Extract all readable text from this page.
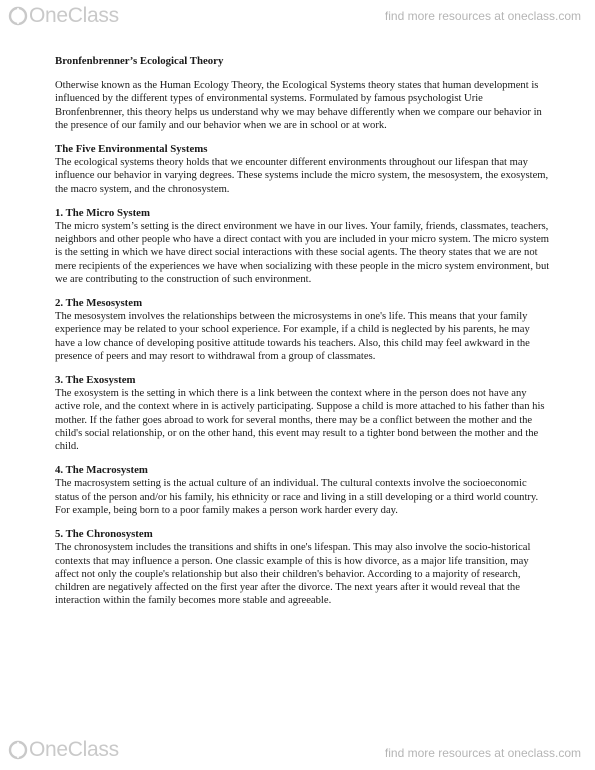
OneClass	find more resources at oneclass.com

Bronfenbrenner’s Ecological Theory

Otherwise known as the Human Ecology Theory, the Ecological Systems theory states that human development is influenced by the different types of environmental systems. Formulated by famous psychologist Urie Bronfenbrenner, this theory helps us understand why we may behave differently when we compare our behavior in the presence of our family and our behavior when we are in school or at work.

The Five Environmental Systems

The ecological systems theory holds that we encounter different environments throughout our lifespan that may influence our behavior in varying degrees. These systems include the micro system, the mesosystem, the exosystem, the macro system, and the chronosystem.

1. The Micro System

The micro system’s setting is the direct environment we have in our lives. Your family, friends, classmates, teachers, neighbors and other people who have a direct contact with you are included in your micro system. The micro system is the setting in which we have direct social interactions with these social agents. The theory states that we are not mere recipients of the experiences we have when socializing with these people in the micro system environment, but we are contributing to the construction of such environment.

2. The Mesosystem

The mesosystem involves the relationships between the microsystems in one's life. This means that your family experience may be related to your school experience. For example, if a child is neglected by his parents, he may have a low chance of developing positive attitude towards his teachers. Also, this child may feel awkward in the presence of peers and may resort to withdrawal from a group of classmates.

3. The Exosystem

The exosystem is the setting in which there is a link between the context where in the person does not have any active role, and the context where in is actively participating. Suppose a child is more attached to his father than his mother. If the father goes abroad to work for several months, there may be a conflict between the mother and the child's social relationship, or on the other hand, this event may result to a tighter bond between the mother and the child.

4. The Macrosystem

The macrosystem setting is the actual culture of an individual. The cultural contexts involve the socioeconomic status of the person and/or his family, his ethnicity or race and living in a still developing or a third world country. For example, being born to a poor family makes a person work harder every day.

5. The Chronosystem

The chronosystem includes the transitions and shifts in one's lifespan. This may also involve the socio-historical contexts that may influence a person. One classic example of this is how divorce, as a major life transition, may affect not only the couple's relationship but also their children's behavior. According to a majority of research, children are negatively affected on the first year after the divorce. The next years after it would reveal that the interaction within the family becomes more stable and agreeable.

OneClass	find more resources at oneclass.com
